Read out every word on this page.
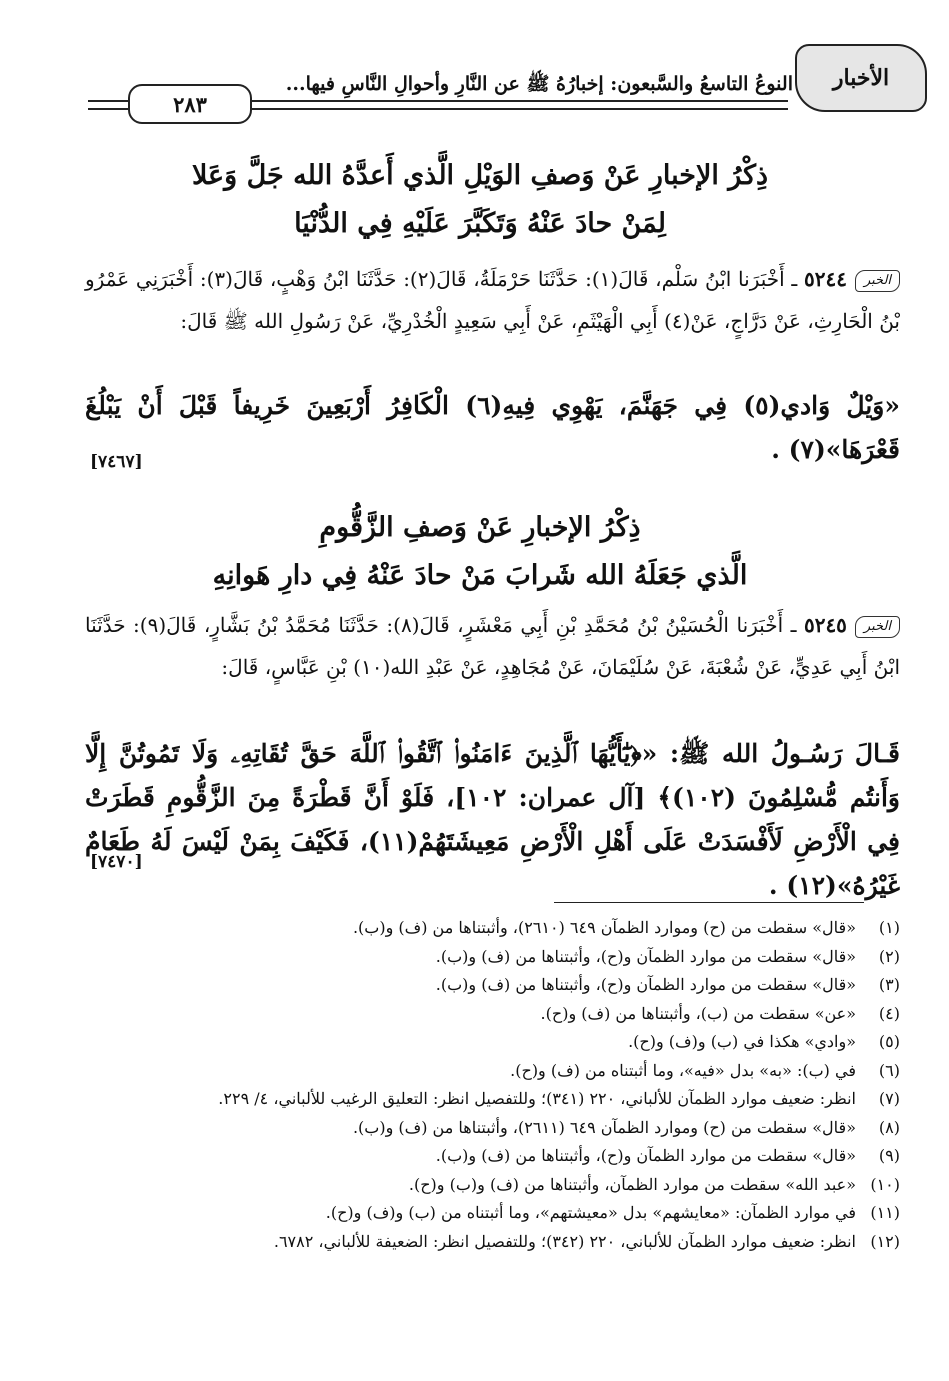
الأخبار
النوعُ التاسعُ والسَّبعون: إخبارُهُ ﷺ عن النَّارِ وأحوالِ النَّاسِ فيها...
٢٨٣
ذِكْرُ الإخبارِ عَنْ وَصفِ الوَيْلِ الَّذي أَعدَّهُ الله جَلَّ وَعَلا
لِمَنْ حادَ عَنْهُ وَتَكَبَّرَ عَلَيْهِ فِي الدُّنْيَا
الخبر٥٢٤٤ ـ أَخْبَرَنا ابْنُ سَلْم، قَالَ(١): حَدَّثَنَا حَرْمَلَةُ، قَالَ(٢): حَدَّثَنَا ابْنُ وَهْبٍ، قَالَ(٣): أَخْبَرَنِي عَمْرُو بْنُ الْحَارِثِ، عَنْ دَرَّاجٍ، عَنْ(٤) أَبِي الْهَيْثَمِ، عَنْ أَبِي سَعِيدٍ الْخُدْرِيِّ، عَنْ رَسُولِ الله ﷺ قَالَ:
«وَيْلٌ وَادي(٥) فِي جَهَنَّمَ، يَهْوِي فِيهِ(٦) الْكَافِرُ أَرْبَعِينَ خَرِيفاً قَبْلَ أَنْ يَبْلُغَ قَعْرَهَا»(٧) .
[٧٤٦٧]
ذِكْرُ الإخبارِ عَنْ وَصفِ الزَّقُّومِ
الَّذي جَعَلَهُ الله شَرابَ مَنْ حادَ عَنْهُ فِي دارِ هَوانِهِ
الخبر٥٢٤٥ ـ أَخْبَرَنا الْحُسَيْنُ بْنُ مُحَمَّدِ بْنِ أَبِي مَعْشَرٍ، قَالَ(٨): حَدَّثَنَا مُحَمَّدُ بْنُ بَشَّارٍ، قَالَ(٩): حَدَّثَنَا ابْنُ أَبِي عَدِيٍّ، عَنْ شُعْبَةَ، عَنْ سُلَيْمَانَ، عَنْ مُجَاهِدٍ، عَنْ عَبْدِ الله(١٠) بْنِ عَبَّاسٍ، قَالَ:
قَـالَ رَسُـولُ الله ﷺ: «﴿يَٰٓأَيُّهَا ٱلَّذِينَ ءَامَنُوا۟ ٱتَّقُوا۟ ٱللَّهَ حَقَّ تُقَاتِهِۦ وَلَا تَمُوتُنَّ إِلَّا وَأَنتُم مُّسْلِمُونَ (١٠٢)﴾ [آل عمران: ١٠٢]، فَلَوْ أَنَّ قَطْرَةً مِنَ الزَّقُّومِ قَطَرَتْ فِي الْأَرْضِ لَأَفْسَدَتْ عَلَى أَهْلِ الْأَرْضِ مَعِيشَتَهُمْ(١١)، فَكَيْفَ بِمَنْ لَيْسَ لَهُ طَعَامٌ غَيْرُهُ»(١٢) .
[٧٤٧٠]
(١)
«قال» سقطت من (ح) وموارد الظمآن ٦٤٩ (٢٦١٠)، وأثبتناها من (ف) و(ب).
(٢)
«قال» سقطت من موارد الظمآن و(ح)، وأثبتناها من (ف) و(ب).
(٣)
«قال» سقطت من موارد الظمآن و(ح)، وأثبتناها من (ف) و(ب).
(٤)
«عن» سقطت من (ب)، وأثبتناها من (ف) و(ح).
(٥)
«وادي» هكذا في (ب) و(ف) و(ح).
(٦)
في (ب): «به» بدل «فيه»، وما أثبتناه من (ف) و(ح).
(٧)
انظر: ضعيف موارد الظمآن للألباني، ٢٢٠ (٣٤١)؛ وللتفصيل انظر: التعليق الرغيب للألباني، ٤/ ٢٢٩.
(٨)
«قال» سقطت من (ح) وموارد الظمآن ٦٤٩ (٢٦١١)، وأثبتناها من (ف) و(ب).
(٩)
«قال» سقطت من موارد الظمآن و(ح)، وأثبتناها من (ف) و(ب).
(١٠)
«عبد الله» سقطت من موارد الظمآن، وأثبتناها من (ف) و(ب) و(ح).
(١١)
في موارد الظمآن: «معايشهم» بدل «معيشتهم»، وما أثبتناه من (ب) و(ف) و(ح).
(١٢)
انظر: ضعيف موارد الظمآن للألباني، ٢٢٠ (٣٤٢)؛ وللتفصيل انظر: الضعيفة للألباني، ٦٧٨٢.
